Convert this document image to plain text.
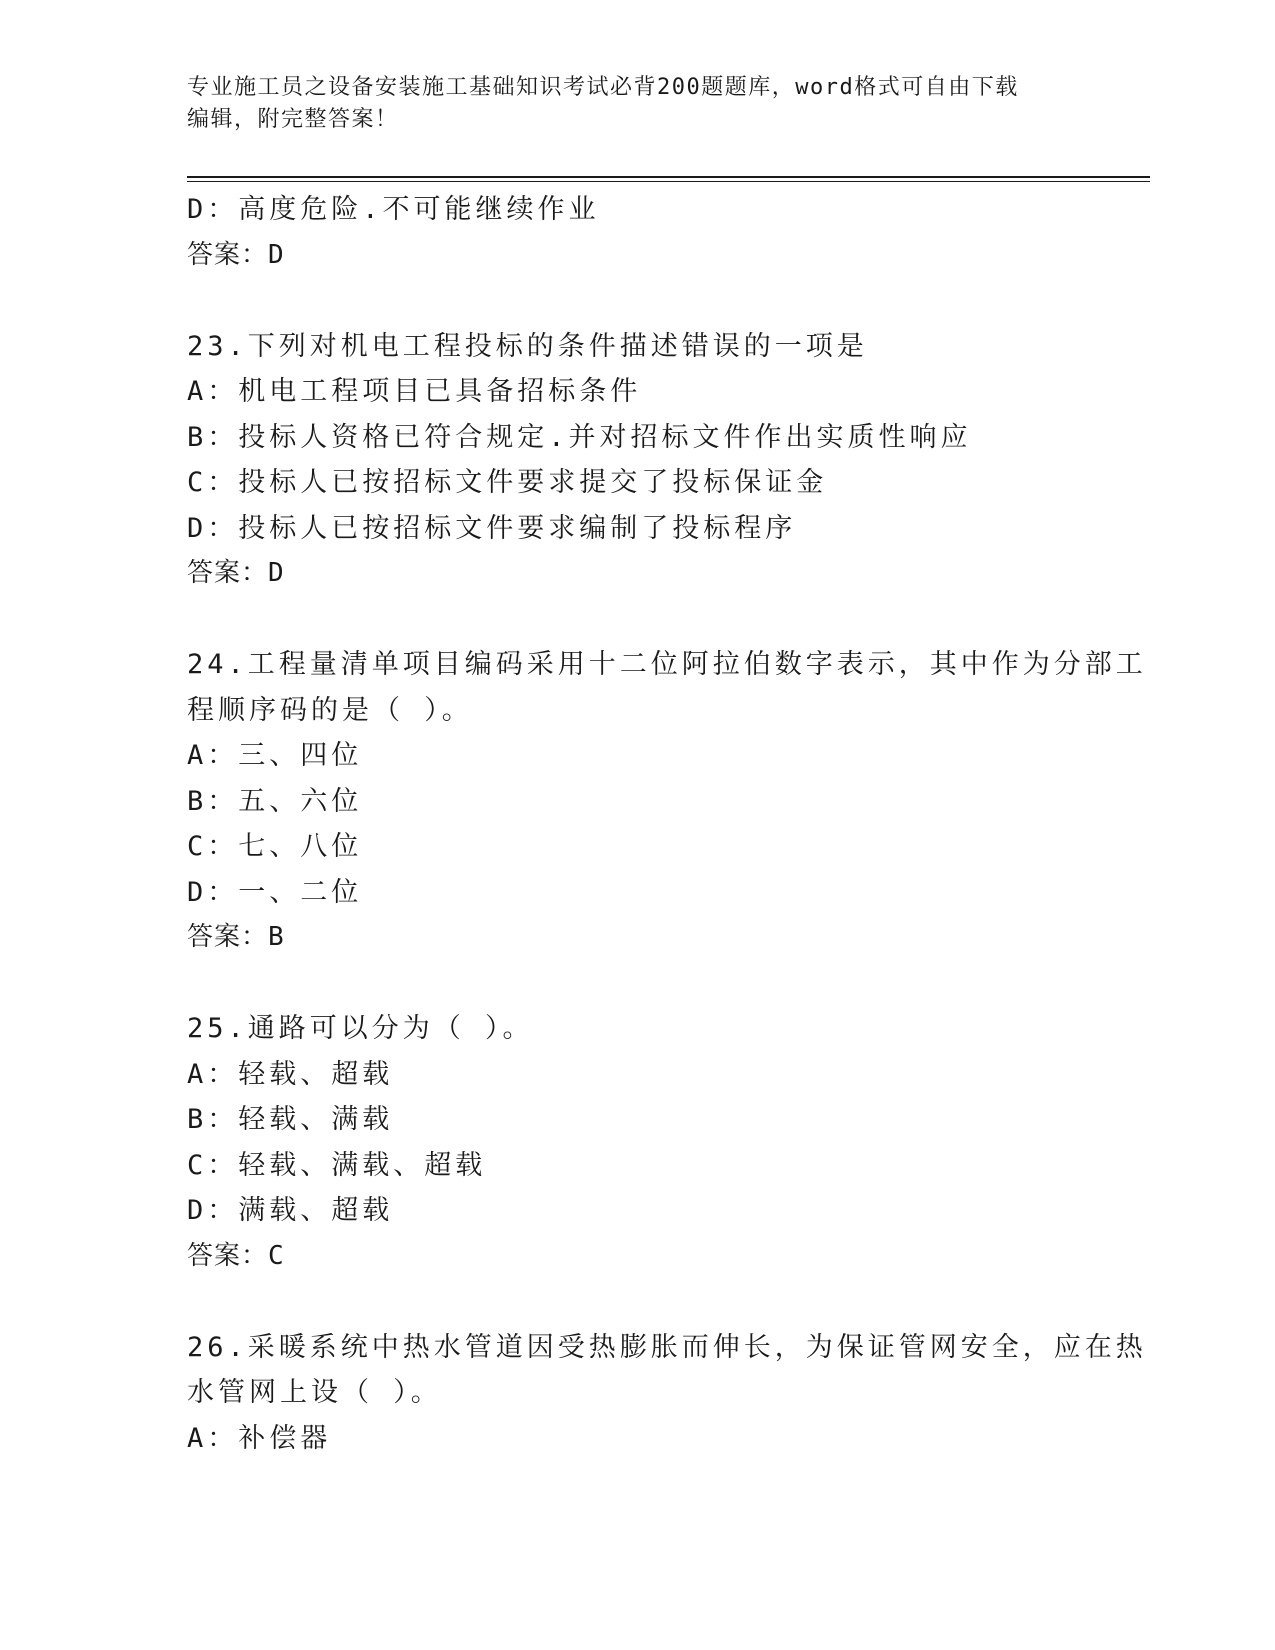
专业施工员之设备安装施工基础知识考试必背200题题库，word格式可自由下载
编辑，附完整答案！
D：高度危险.不可能继续作业
答案：D
23.下列对机电工程投标的条件描述错误的一项是
A：机电工程项目已具备招标条件
B：投标人资格已符合规定.并对招标文件作出实质性响应
C：投标人已按招标文件要求提交了投标保证金
D：投标人已按招标文件要求编制了投标程序
答案：D
24.工程量清单项目编码采用十二位阿拉伯数字表示，其中作为分部工
程顺序码的是（ ）。
A：三、四位
B：五、六位
C：七、八位
D：一、二位
答案：B
25.通路可以分为（ ）。
A：轻载、超载
B：轻载、满载
C：轻载、满载、超载
D：满载、超载
答案：C
26.采暖系统中热水管道因受热膨胀而伸长，为保证管网安全，应在热
水管网上设（ ）。
A：补偿器
